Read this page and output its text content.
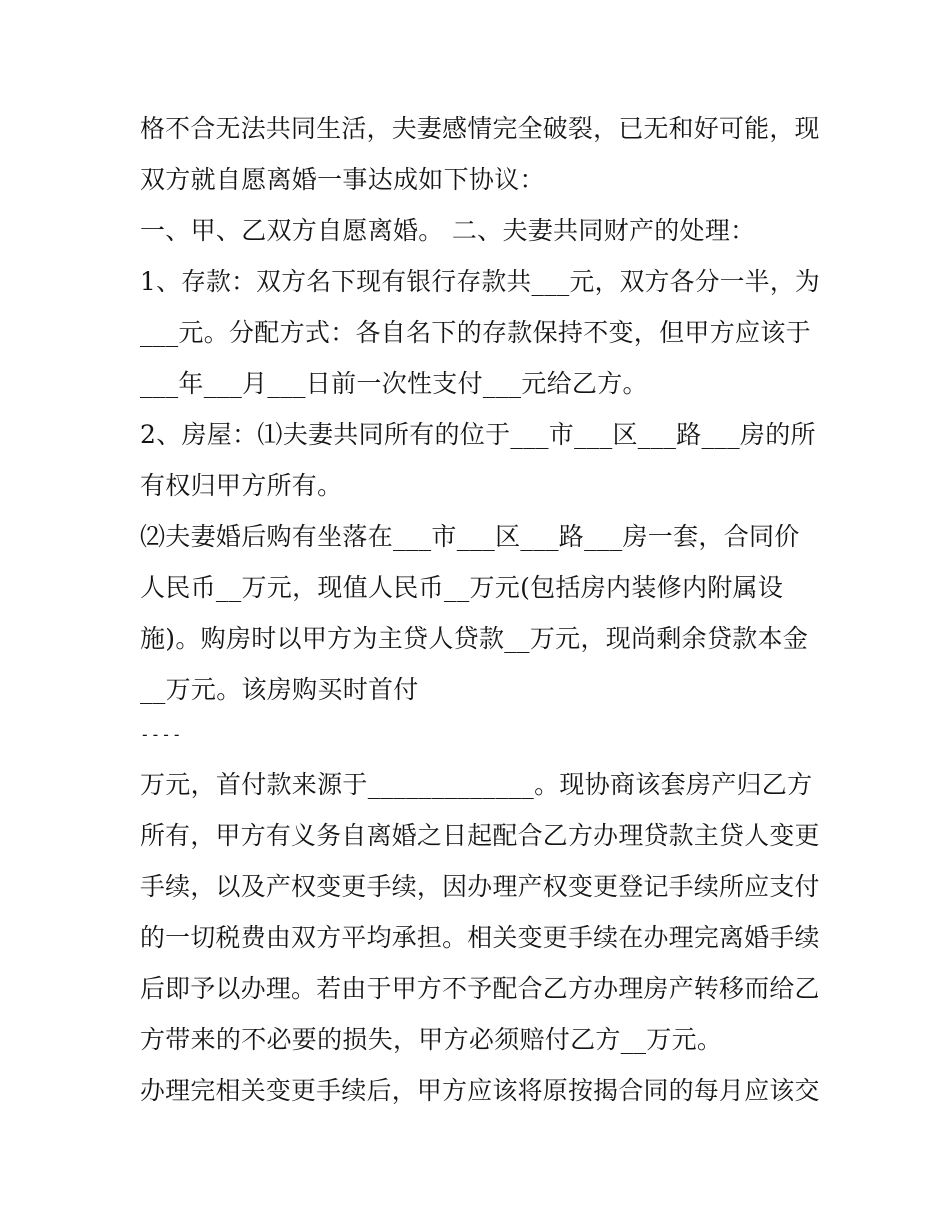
格不合无法共同生活，夫妻感情完全破裂，已无和好可能，现

双方就自愿离婚一事达成如下协议：

一、甲、乙双方自愿离婚。 二、夫妻共同财产的处理：

1、存款：双方名下现有银行存款共___元，双方各分一半，为

___元。分配方式：各自名下的存款保持不变，但甲方应该于

___年___月___日前一次性支付___元给乙方。

2、房屋：⑴夫妻共同所有的位于___市___区___路___房的所

有权归甲方所有。

⑵夫妻婚后购有坐落在___市___区___路___房一套，合同价

人民币__万元，现值人民币__万元(包括房内装修内附属设

施)。购房时以甲方为主贷人贷款__万元，现尚剩余贷款本金

__万元。该房购买时首付

----

万元，首付款来源于_____________。现协商该套房产归乙方

所有，甲方有义务自离婚之日起配合乙方办理贷款主贷人变更

手续，以及产权变更手续，因办理产权变更登记手续所应支付

的一切税费由双方平均承担。相关变更手续在办理完离婚手续

后即予以办理。若由于甲方不予配合乙方办理房产转移而给乙

方带来的不必要的损失，甲方必须赔付乙方__万元。

办理完相关变更手续后，甲方应该将原按揭合同的每月应该交
